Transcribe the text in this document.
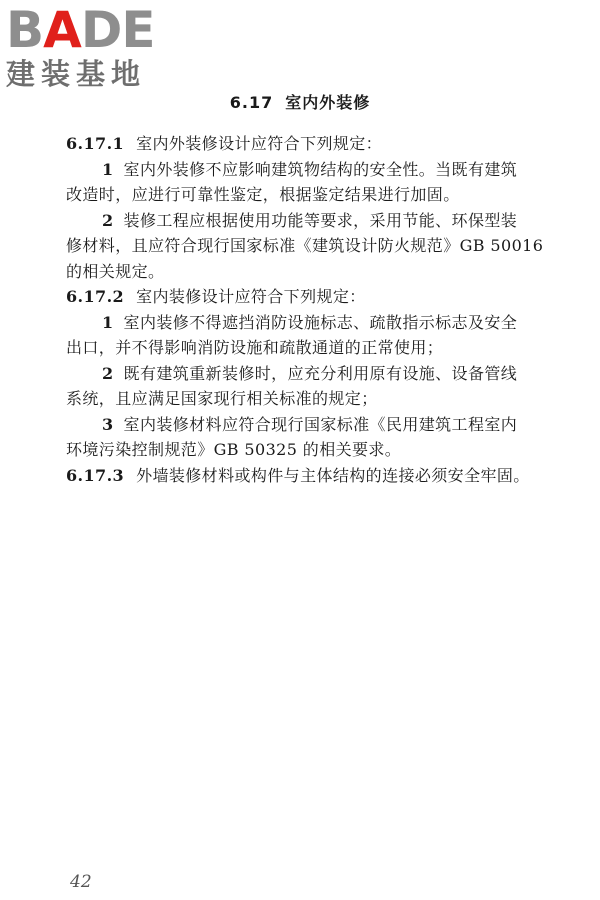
BADE
建装基地
6.17 室内外装修
6.17.1 室内外装修设计应符合下列规定：
1 室内外装修不应影响建筑物结构的安全性。当既有建筑
改造时，应进行可靠性鉴定，根据鉴定结果进行加固。
2 装修工程应根据使用功能等要求，采用节能、环保型装
修材料，且应符合现行国家标准《建筑设计防火规范》GB 50016
的相关规定。
6.17.2 室内装修设计应符合下列规定：
1 室内装修不得遮挡消防设施标志、疏散指示标志及安全
出口，并不得影响消防设施和疏散通道的正常使用；
2 既有建筑重新装修时，应充分利用原有设施、设备管线
系统，且应满足国家现行相关标准的规定；
3 室内装修材料应符合现行国家标准《民用建筑工程室内
环境污染控制规范》GB 50325 的相关要求。
6.17.3 外墙装修材料或构件与主体结构的连接必须安全牢固。
42
